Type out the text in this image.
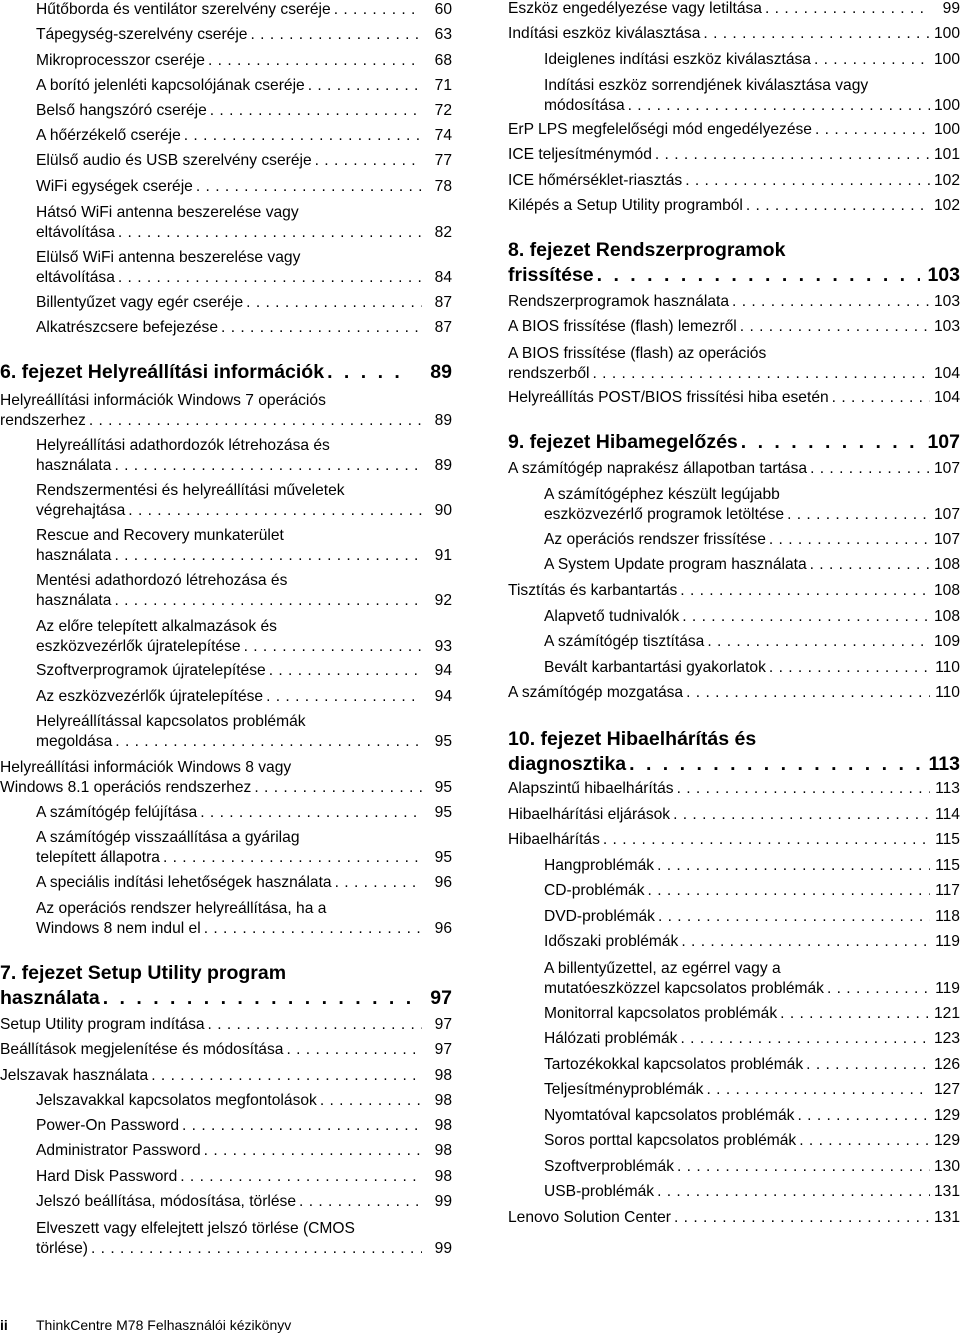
Hűtőborda és ventilátor szerelvény cseréje . . .	60
Tápegység-szerelvény cseréje . . .	63
Mikroprocesszor cseréje . . .	68
A borító jelenléti kapcsolójának cseréje . . .	71
Belső hangszóró cseréje . . .	72
A hőérzékelő cseréje . . .	74
Elülső audio és USB szerelvény cseréje . . .	77
WiFi egységek cseréje . . .	78
Hátsó WiFi antenna beszerelése vagy
eltávolítása . . .	82
Elülső WiFi antenna beszerelése vagy
eltávolítása . . .	84
Billentyűzet vagy egér cseréje . . .	87
Alkatrészcsere befejezése . . .	87
6. fejezet Helyreállítási információk . . .	89
Helyreállítási információk Windows 7 operációs
rendszerhez . . .	89
Helyreállítási adathordozók létrehozása és
használata . . .	89
Rendszermentési és helyreállítási műveletek
végrehajtása . . .	90
Rescue and Recovery munkaterület
használata . . .	91
Mentési adathordozó létrehozása és
használata . . .	92
Az előre telepített alkalmazások és
eszközvezérlők újratelepítése . . .	93
Szoftverprogramok újratelepítése . . .	94
Az eszközvezérlők újratelepítése . . .	94
Helyreállítással kapcsolatos problémák
megoldása . . .	95
Helyreállítási információk Windows 8 vagy
Windows 8.1 operációs rendszerhez . . .	95
A számítógép felújítása . . .	95
A számítógép visszaállítása a gyárilag
telepített állapotra . . .	95
A speciális indítási lehetőségek használata . . .	96
Az operációs rendszer helyreállítása, ha a
Windows 8 nem indul el . . .	96
7. fejezet Setup Utility program
használata . . .	97
Setup Utility program indítása . . .	97
Beállítások megjelenítése és módosítása . . .	97
Jelszavak használata . . .	98
Jelszavakkal kapcsolatos megfontolások . . .	98
Power-On Password . . .	98
Administrator Password . . .	98
Hard Disk Password . . .	98
Jelszó beállítása, módosítása, törlése . . .	99
Elveszett vagy elfelejtett jelszó törlése (CMOS
törlése) . . .	99
Eszköz engedélyezése vagy letiltása . . .	99
Indítási eszköz kiválasztása . . .	100
Ideiglenes indítási eszköz kiválasztása . . .	100
Indítási eszköz sorrendjének kiválasztása vagy
módosítása . . .	100
ErP LPS megfelelőségi mód engedélyezése . . .	100
ICE teljesítménymód . . .	101
ICE hőmérséklet-riasztás . . .	102
Kilépés a Setup Utility programból . . .	102
8. fejezet Rendszerprogramok
frissítése . . .	103
Rendszerprogramok használata . . .	103
A BIOS frissítése (flash) lemezről . . .	103
A BIOS frissítése (flash) az operációs
rendszerből . . .	104
Helyreállítás POST/BIOS frissítési hiba esetén . . .	104
9. fejezet Hibamegelőzés . . .	107
A számítógép naprakész állapotban tartása . . .	107
A számítógéphez készült legújabb
eszközvezérlő programok letöltése . . .	107
Az operációs rendszer frissítése . . .	107
A System Update program használata . . .	108
Tisztítás és karbantartás . . .	108
Alapvető tudnivalók . . .	108
A számítógép tisztítása . . .	109
Bevált karbantartási gyakorlatok . . .	110
A számítógép mozgatása . . .	110
10. fejezet Hibaelhárítás és
diagnosztika . . .	113
Alapszintű hibaelhárítás . . .	113
Hibaelhárítási eljárások . . .	114
Hibaelhárítás . . .	115
Hangproblémák . . .	115
CD-problémák . . .	117
DVD-problémák . . .	118
Időszaki problémák . . .	119
A billentyűzettel, az egérrel vagy a
mutatóeszközzel kapcsolatos problémák . . .	119
Monitorral kapcsolatos problémák . . .	121
Hálózati problémák . . .	123
Tartozékokkal kapcsolatos problémák . . .	126
Teljesítményproblémák . . .	127
Nyomtatóval kapcsolatos problémák . . .	129
Soros porttal kapcsolatos problémák . . .	129
Szoftverproblémák . . .	130
USB-problémák . . .	131
Lenovo Solution Center . . .	131
ii ThinkCentre M78 Felhasználói kézikönyv
